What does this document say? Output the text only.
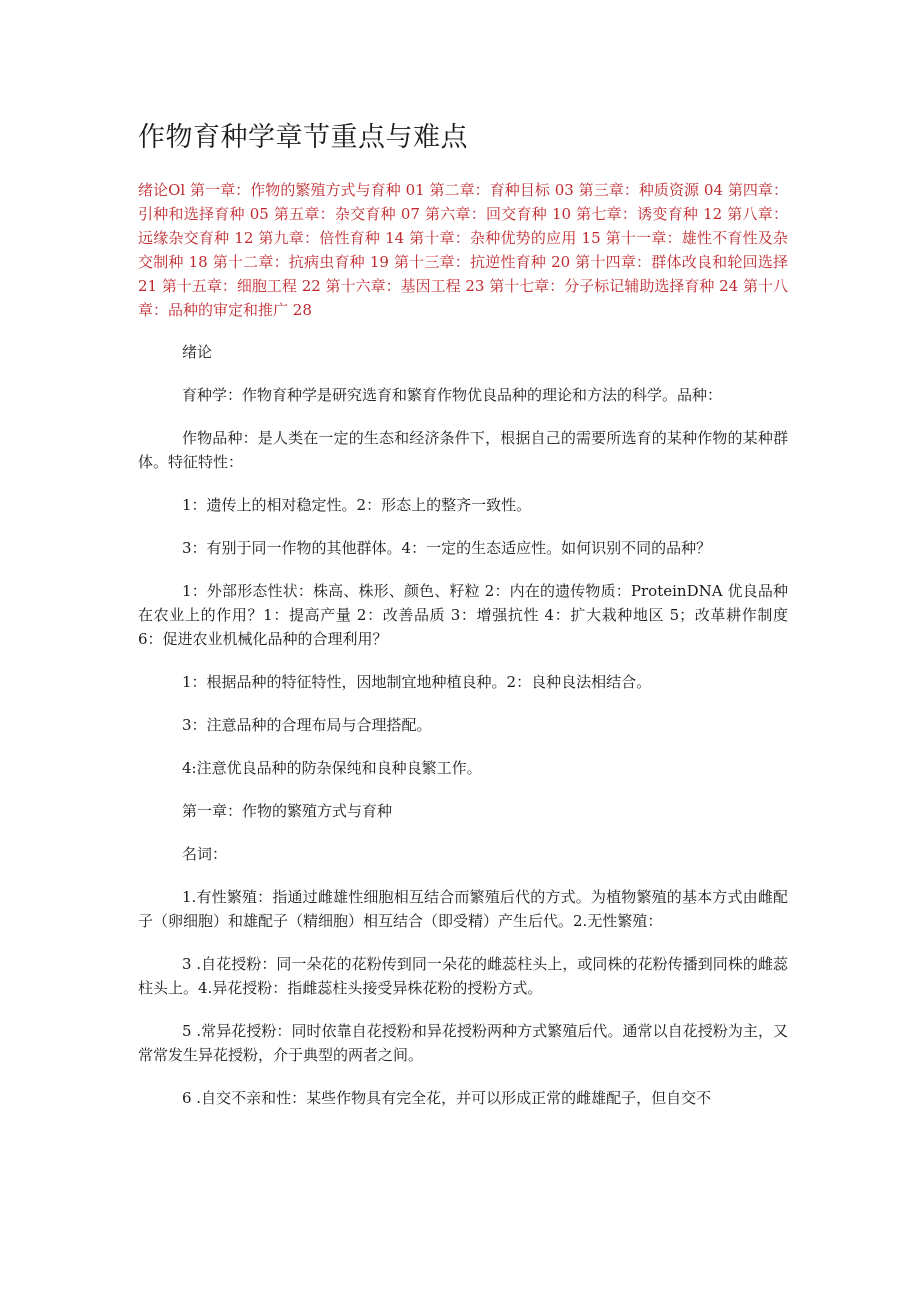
作物育种学章节重点与难点

绪论Ol 第一章：作物的繁殖方式与育种 01 第二章：育种目标 03 第三章：种质资源 04 第四章：引种和选择育种 05 第五章：杂交育种 07 第六章：回交育种 10 第七章：诱变育种 12 第八章：远缘杂交育种 12 第九章：倍性育种 14 第十章：杂种优势的应用 15 第十一章：雄性不育性及杂交制种 18 第十二章：抗病虫育种 19 第十三章：抗逆性育种 20 第十四章：群体改良和轮回选择 21 第十五章：细胞工程 22 第十六章：基因工程 23 第十七章：分子标记辅助选择育种 24 第十八章：品种的审定和推广 28

绪论

育种学：作物育种学是研究选育和繁育作物优良品种的理论和方法的科学。品种：

作物品种：是人类在一定的生态和经济条件下，根据自己的需要所选育的某种作物的某种群体。特征特性：

1：遗传上的相对稳定性。2：形态上的整齐一致性。

3：有别于同一作物的其他群体。4：一定的生态适应性。如何识别不同的品种？

1：外部形态性状：株高、株形、颜色、籽粒 2：内在的遗传物质：ProteinDNA 优良品种在农业上的作用？1：提高产量 2：改善品质 3：增强抗性 4：扩大栽种地区 5；改革耕作制度 6：促进农业机械化品种的合理利用？

1：根据品种的特征特性，因地制宜地种植良种。2：良种良法相结合。

3：注意品种的合理布局与合理搭配。

4:注意优良品种的防杂保纯和良种良繁工作。

第一章：作物的繁殖方式与育种

名词：

1.有性繁殖：指通过雌雄性细胞相互结合而繁殖后代的方式。为植物繁殖的基本方式由雌配子（卵细胞）和雄配子（精细胞）相互结合（即受精）产生后代。2.无性繁殖：

3 .自花授粉：同一朵花的花粉传到同一朵花的雌蕊柱头上，或同株的花粉传播到同株的雌蕊柱头上。4.异花授粉：指雌蕊柱头接受异株花粉的授粉方式。

5 .常异花授粉：同时依靠自花授粉和异花授粉两种方式繁殖后代。通常以自花授粉为主，又常常发生异花授粉，介于典型的两者之间。

6 .自交不亲和性：某些作物具有完全花，并可以形成正常的雌雄配子，但自交不
